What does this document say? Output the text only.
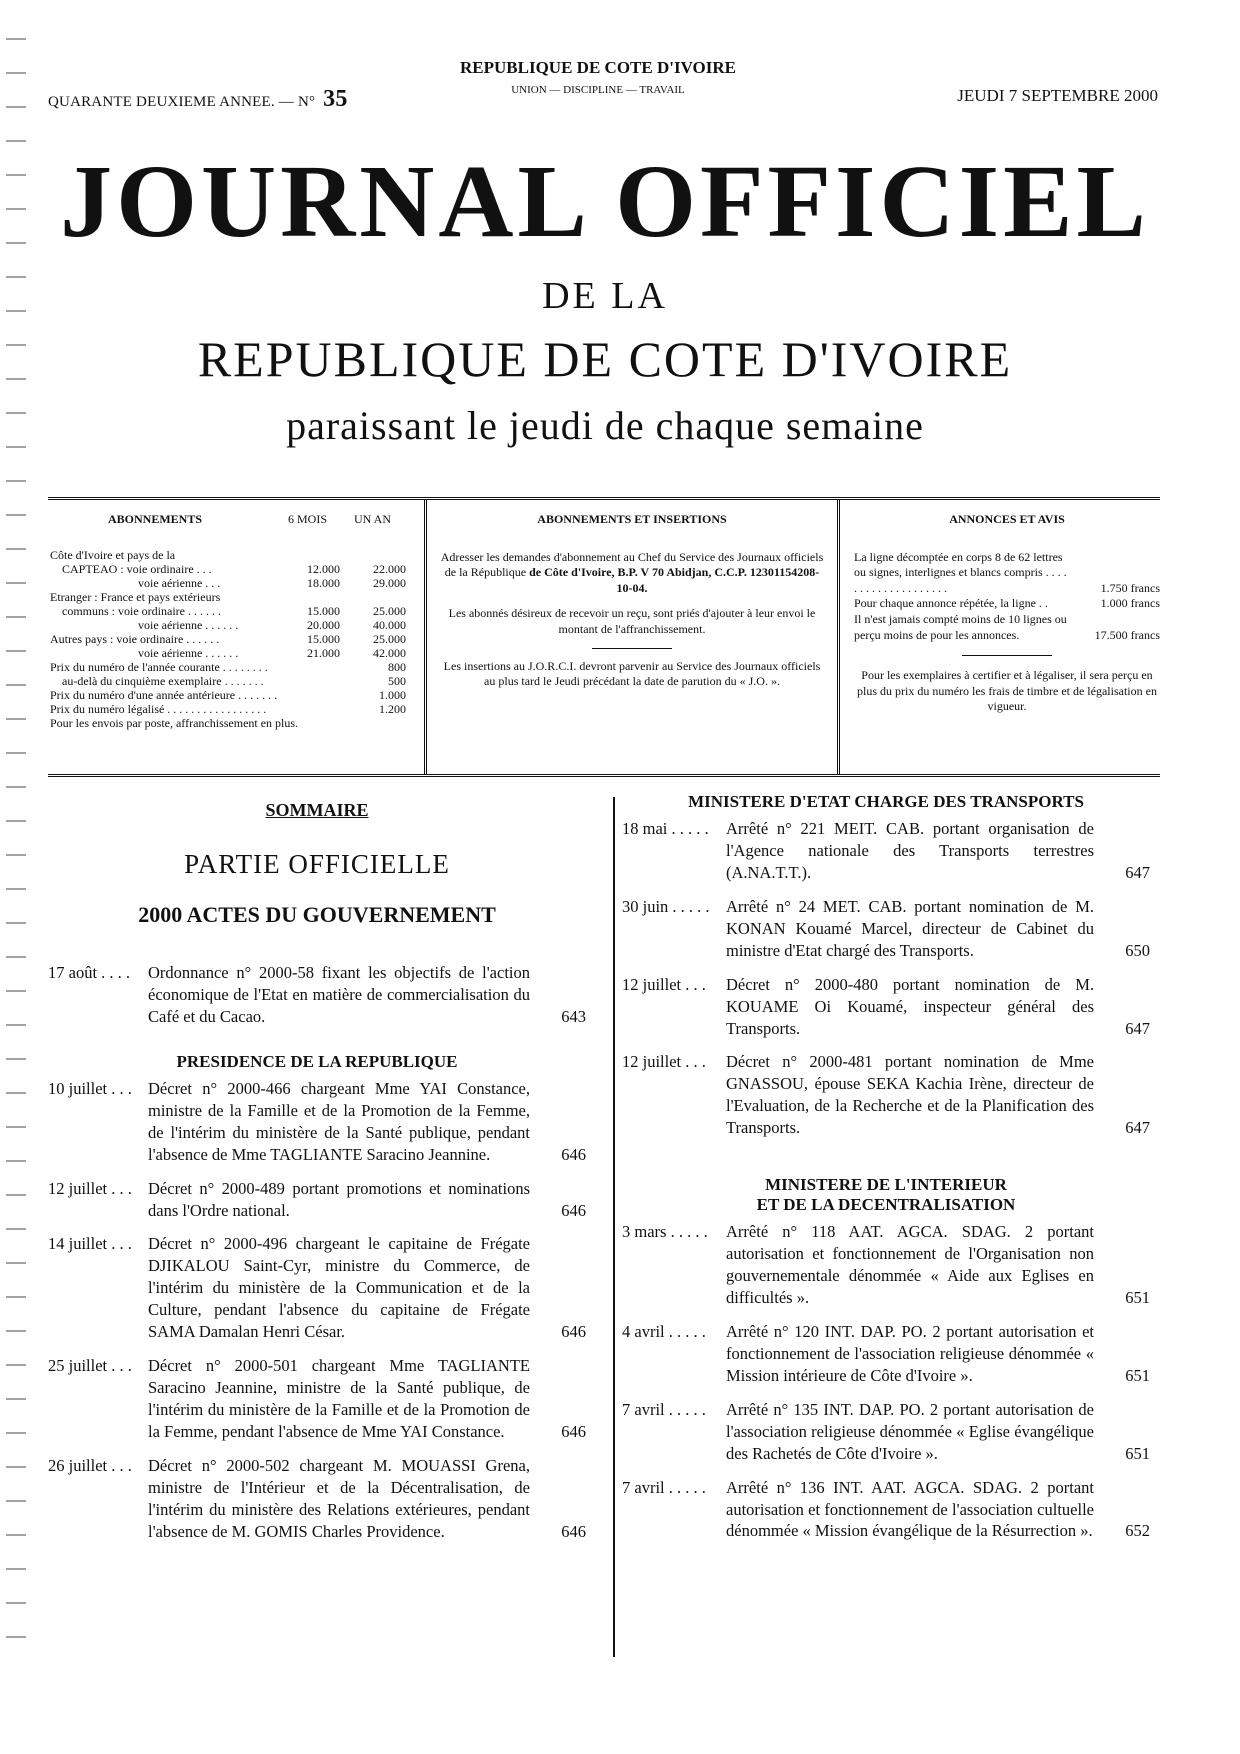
QUARANTE DEUXIEME ANNEE. — N° 35
REPUBLIQUE DE COTE D'IVOIRE
UNION — DISCIPLINE — TRAVAIL	JEUDI 7 SEPTEMBRE 2000
JOURNAL OFFICIEL
DE LA
REPUBLIQUE DE COTE D'IVOIRE
paraissant le jeudi de chaque semaine
ABONNEMENTS	6 MOIS UN AN
Côte d'Ivoire et pays de la
CAPTEAO : voie ordinaire . . .	12.000	22.000
voie aérienne . . .	18.000	29.000
Etranger : France et pays extérieurs
communs : voie ordinaire . . . . . .	15.000	25.000
voie aérienne . . . . . .	20.000	40.000
Autres pays : voie ordinaire . . . . . .	15.000	25.000
voie aérienne . . . . . .	21.000	42.000
Prix du numéro de l'année courante . . . . . . . .	800
au-delà du cinquième exemplaire . . . . . . .	500
Prix du numéro d'une année antérieure . . . . . . .	1.000
Prix du numéro légalisé . . . . . . . . . . . . . . . . .	1.200
Pour les envois par poste, affranchissement en plus.
ABONNEMENTS ET INSERTIONS

Adresser les demandes d'abonnement au Chef du Service des Journaux officiels de la République de Côte d'Ivoire, B.P. V 70 Abidjan, C.C.P. 12301154208-10-04.

Les abonnés désireux de recevoir un reçu, sont priés d'ajouter à leur envoi le montant de l'affranchissement.

Les insertions au J.O.R.C.I. devront parvenir au Service des Journaux officiels au plus tard le Jeudi précédant la date de parution du « J.O. ».

ANNONCES ET AVIS
La ligne décomptée en corps 8 de 62 lettres ou signes, interlignes et blancs compris . . . . . . . . . . . . . . . . . . . .	1.750 francs
Pour chaque annonce répétée, la ligne . .	1.000 francs
Il n'est jamais compté moins de 10 lignes ou perçu moins de pour les annonces.	17.500 francs
Pour les exemplaires à certifier et à légaliser, il sera perçu en plus du prix du numéro les frais de timbre et de légalisation en vigueur.
SOMMAIRE
PARTIE OFFICIELLE
2000 ACTES DU GOUVERNEMENT
17 août . . . . Ordonnance n° 2000-58 fixant les objectifs de l'action économique de l'Etat en matière de commercialisation du Café et du Cacao.	643
PRESIDENCE DE LA REPUBLIQUE
10 juillet . . . Décret n° 2000-466 chargeant Mme YAI Constance, ministre de la Famille et de la Promotion de la Femme, de l'intérim du ministère de la Santé publique, pendant l'absence de Mme TAGLIANTE Saracino Jeannine.	646
12 juillet . . . Décret n° 2000-489 portant promotions et nominations dans l'Ordre national.	646
14 juillet . . . Décret n° 2000-496 chargeant le capitaine de Frégate DJIKALOU Saint-Cyr, ministre du Commerce, de l'intérim du ministère de la Communication et de la Culture, pendant l'absence du capitaine de Frégate SAMA Damalan Henri César.	646
25 juillet . . . Décret n° 2000-501 chargeant Mme TAGLIANTE Saracino Jeannine, ministre de la Santé publique, de l'intérim du ministère de la Famille et de la Promotion de la Femme, pendant l'absence de Mme YAI Constance.	646
26 juillet . . . Décret n° 2000-502 chargeant M. MOUASSI Grena, ministre de l'Intérieur et de la Décentralisation, de l'intérim du ministère des Relations extérieures, pendant l'absence de M. GOMIS Charles Providence.	646
MINISTERE D'ETAT CHARGE DES TRANSPORTS
18 mai . . . . . Arrêté n° 221 MEIT. CAB. portant organisation de l'Agence nationale des Transports terrestres (A.NA.T.T.).	647
30 juin . . . . . Arrêté n° 24 MET. CAB. portant nomination de M. KONAN Kouamé Marcel, directeur de Cabinet du ministre d'Etat chargé des Transports.	650
12 juillet . . . Décret n° 2000-480 portant nomination de M. KOUAME Oi Kouamé, inspecteur général des Transports.	647
12 juillet . . . Décret n° 2000-481 portant nomination de Mme GNASSOU, épouse SEKA Kachia Irène, directeur de l'Evaluation, de la Recherche et de la Planification des Transports.	647
MINISTERE DE L'INTERIEUR
ET DE LA DECENTRALISATION
3 mars . . . . . Arrêté n° 118 AAT. AGCA. SDAG. 2 portant autorisation et fonctionnement de l'Organisation non gouvernementale dénommée « Aide aux Eglises en difficultés ».	651
4 avril . . . . . Arrêté n° 120 INT. DAP. PO. 2 portant autorisation et fonctionnement de l'association religieuse dénommée « Mission intérieure de Côte d'Ivoire ».	651
7 avril . . . . . Arrêté n° 135 INT. DAP. PO. 2 portant autorisation de l'association religieuse dénommée « Eglise évangélique des Rachetés de Côte d'Ivoire ».	651
7 avril . . . . . Arrêté n° 136 INT. AAT. AGCA. SDAG. 2 portant autorisation et fonctionnement de l'association cultuelle dénommée « Mission évangélique de la Résurrection ». 652
